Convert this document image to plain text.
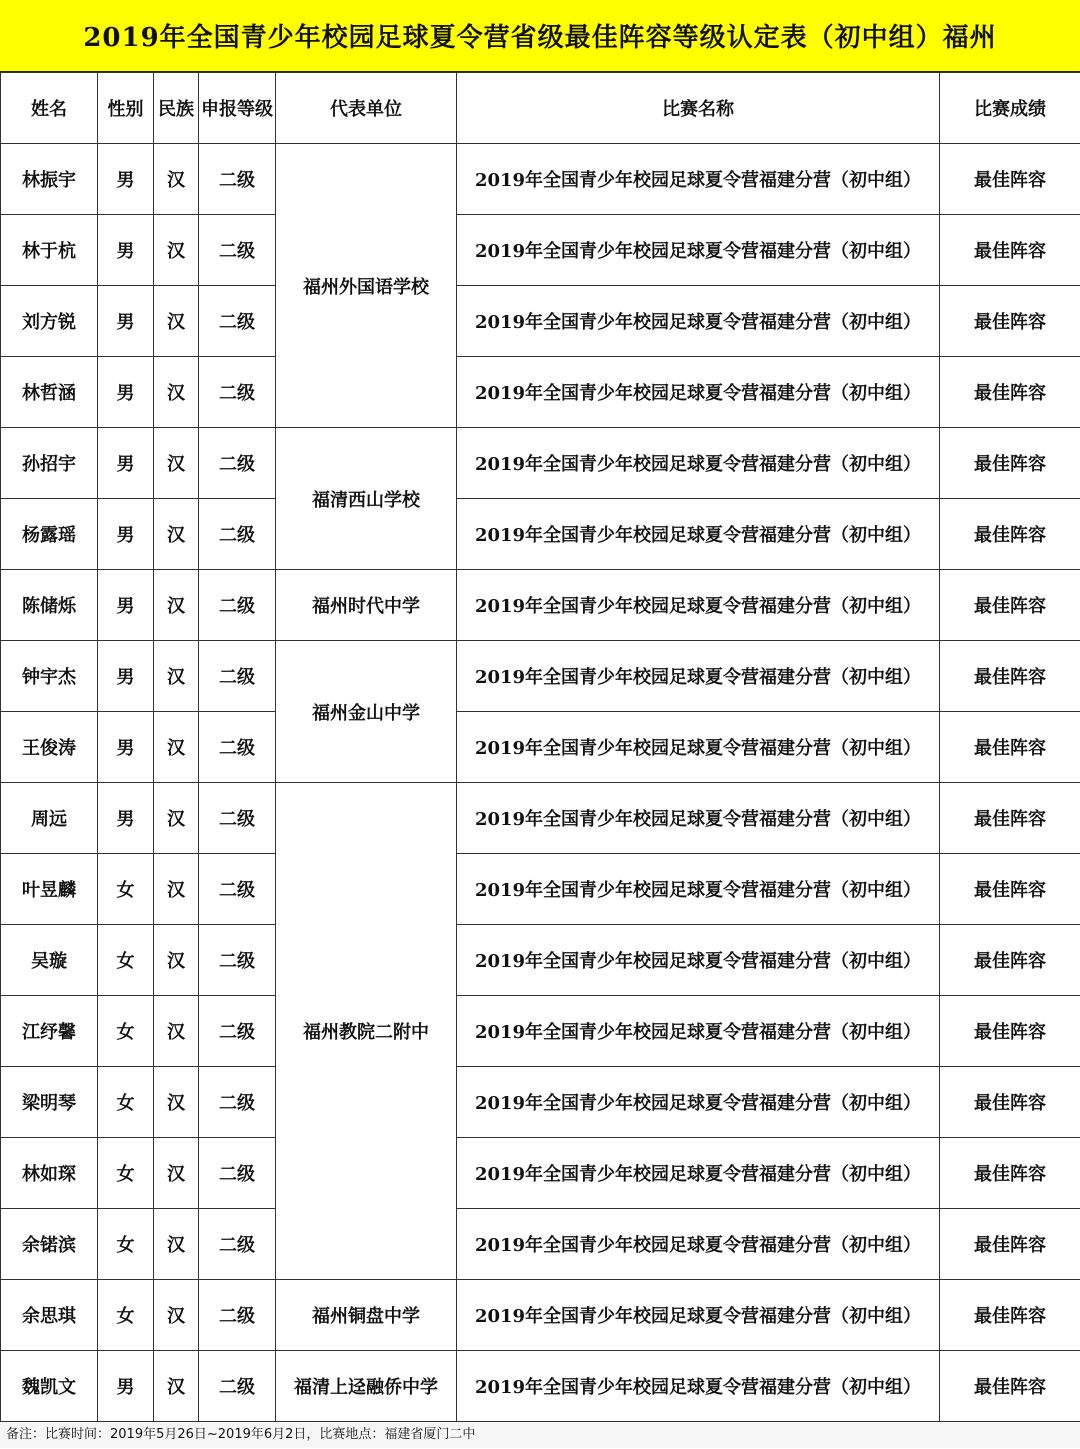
2019年全国青少年校园足球夏令营省级最佳阵容等级认定表（初中组）福州
姓名	性别	民族	申报等级	代表单位	比赛名称	比赛成绩
林振宇	男	汉	二级	福州外国语学校	2019年全国青少年校园足球夏令营福建分营（初中组）	最佳阵容
林于杭	男	汉	二级		2019年全国青少年校园足球夏令营福建分营（初中组）	最佳阵容
刘方锐	男	汉	二级		2019年全国青少年校园足球夏令营福建分营（初中组）	最佳阵容
林哲涵	男	汉	二级		2019年全国青少年校园足球夏令营福建分营（初中组）	最佳阵容
孙招宇	男	汉	二级	福清西山学校	2019年全国青少年校园足球夏令营福建分营（初中组）	最佳阵容
杨露瑶	男	汉	二级		2019年全国青少年校园足球夏令营福建分营（初中组）	最佳阵容
陈储烁	男	汉	二级	福州时代中学	2019年全国青少年校园足球夏令营福建分营（初中组）	最佳阵容
钟宇杰	男	汉	二级	福州金山中学	2019年全国青少年校园足球夏令营福建分营（初中组）	最佳阵容
王俊涛	男	汉	二级		2019年全国青少年校园足球夏令营福建分营（初中组）	最佳阵容
周远	男	汉	二级	福州教院二附中	2019年全国青少年校园足球夏令营福建分营（初中组）	最佳阵容
叶昱麟	女	汉	二级		2019年全国青少年校园足球夏令营福建分营（初中组）	最佳阵容
吴璇	女	汉	二级		2019年全国青少年校园足球夏令营福建分营（初中组）	最佳阵容
江纾馨	女	汉	二级		2019年全国青少年校园足球夏令营福建分营（初中组）	最佳阵容
梁明琴	女	汉	二级		2019年全国青少年校园足球夏令营福建分营（初中组）	最佳阵容
林如琛	女	汉	二级		2019年全国青少年校园足球夏令营福建分营（初中组）	最佳阵容
余锘滨	女	汉	二级		2019年全国青少年校园足球夏令营福建分营（初中组）	最佳阵容
余思琪	女	汉	二级	福州铜盘中学	2019年全国青少年校园足球夏令营福建分营（初中组）	最佳阵容
魏凯文	男	汉	二级	福清上迳融侨中学	2019年全国青少年校园足球夏令营福建分营（初中组）	最佳阵容
备注：比赛时间：2019年5月26日~2019年6月2日，比赛地点：福建省厦门二中
